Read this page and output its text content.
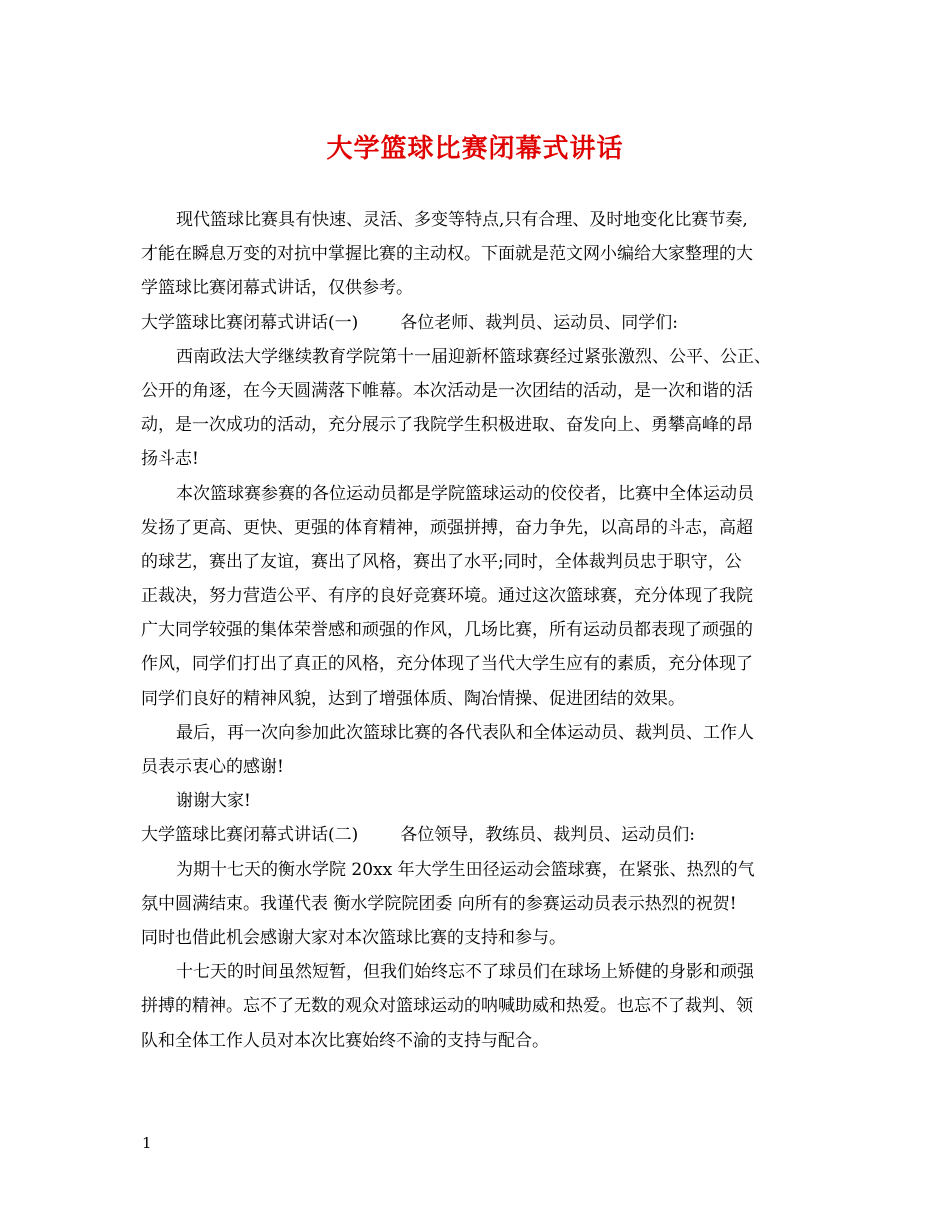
大学篮球比赛闭幕式讲话
现代篮球比赛具有快速、灵活、多变等特点,只有合理、及时地变化比赛节奏,
才能在瞬息万变的对抗中掌握比赛的主动权。下面就是范文网小编给大家整理的大
学篮球比赛闭幕式讲话，仅供参考。
大学篮球比赛闭幕式讲话(一) 各位老师、裁判员、运动员、同学们:
西南政法大学继续教育学院第十一届迎新杯篮球赛经过紧张激烈、公平、公正、
公开的角逐，在今天圆满落下帷幕。本次活动是一次团结的活动，是一次和谐的活
动，是一次成功的活动，充分展示了我院学生积极进取、奋发向上、勇攀高峰的昂
扬斗志!
本次篮球赛参赛的各位运动员都是学院篮球运动的佼佼者，比赛中全体运动员
发扬了更高、更快、更强的体育精神，顽强拼搏，奋力争先，以高昂的斗志，高超
的球艺，赛出了友谊，赛出了风格，赛出了水平;同时，全体裁判员忠于职守，公
正裁决，努力营造公平、有序的良好竞赛环境。通过这次篮球赛，充分体现了我院
广大同学较强的集体荣誉感和顽强的作风，几场比赛，所有运动员都表现了顽强的
作风，同学们打出了真正的风格，充分体现了当代大学生应有的素质，充分体现了
同学们良好的精神风貌，达到了增强体质、陶冶情操、促进团结的效果。
最后，再一次向参加此次篮球比赛的各代表队和全体运动员、裁判员、工作人
员表示衷心的感谢!
谢谢大家!
大学篮球比赛闭幕式讲话(二) 各位领导，教练员、裁判员、运动员们:
为期十七天的衡水学院 20xx 年大学生田径运动会篮球赛，在紧张、热烈的气
氛中圆满结束。我谨代表 衡水学院院团委 向所有的参赛运动员表示热烈的祝贺!
同时也借此机会感谢大家对本次篮球比赛的支持和参与。
十七天的时间虽然短暂，但我们始终忘不了球员们在球场上矫健的身影和顽强
拼搏的精神。忘不了无数的观众对篮球运动的呐喊助威和热爱。也忘不了裁判、领
队和全体工作人员对本次比赛始终不渝的支持与配合。
1
